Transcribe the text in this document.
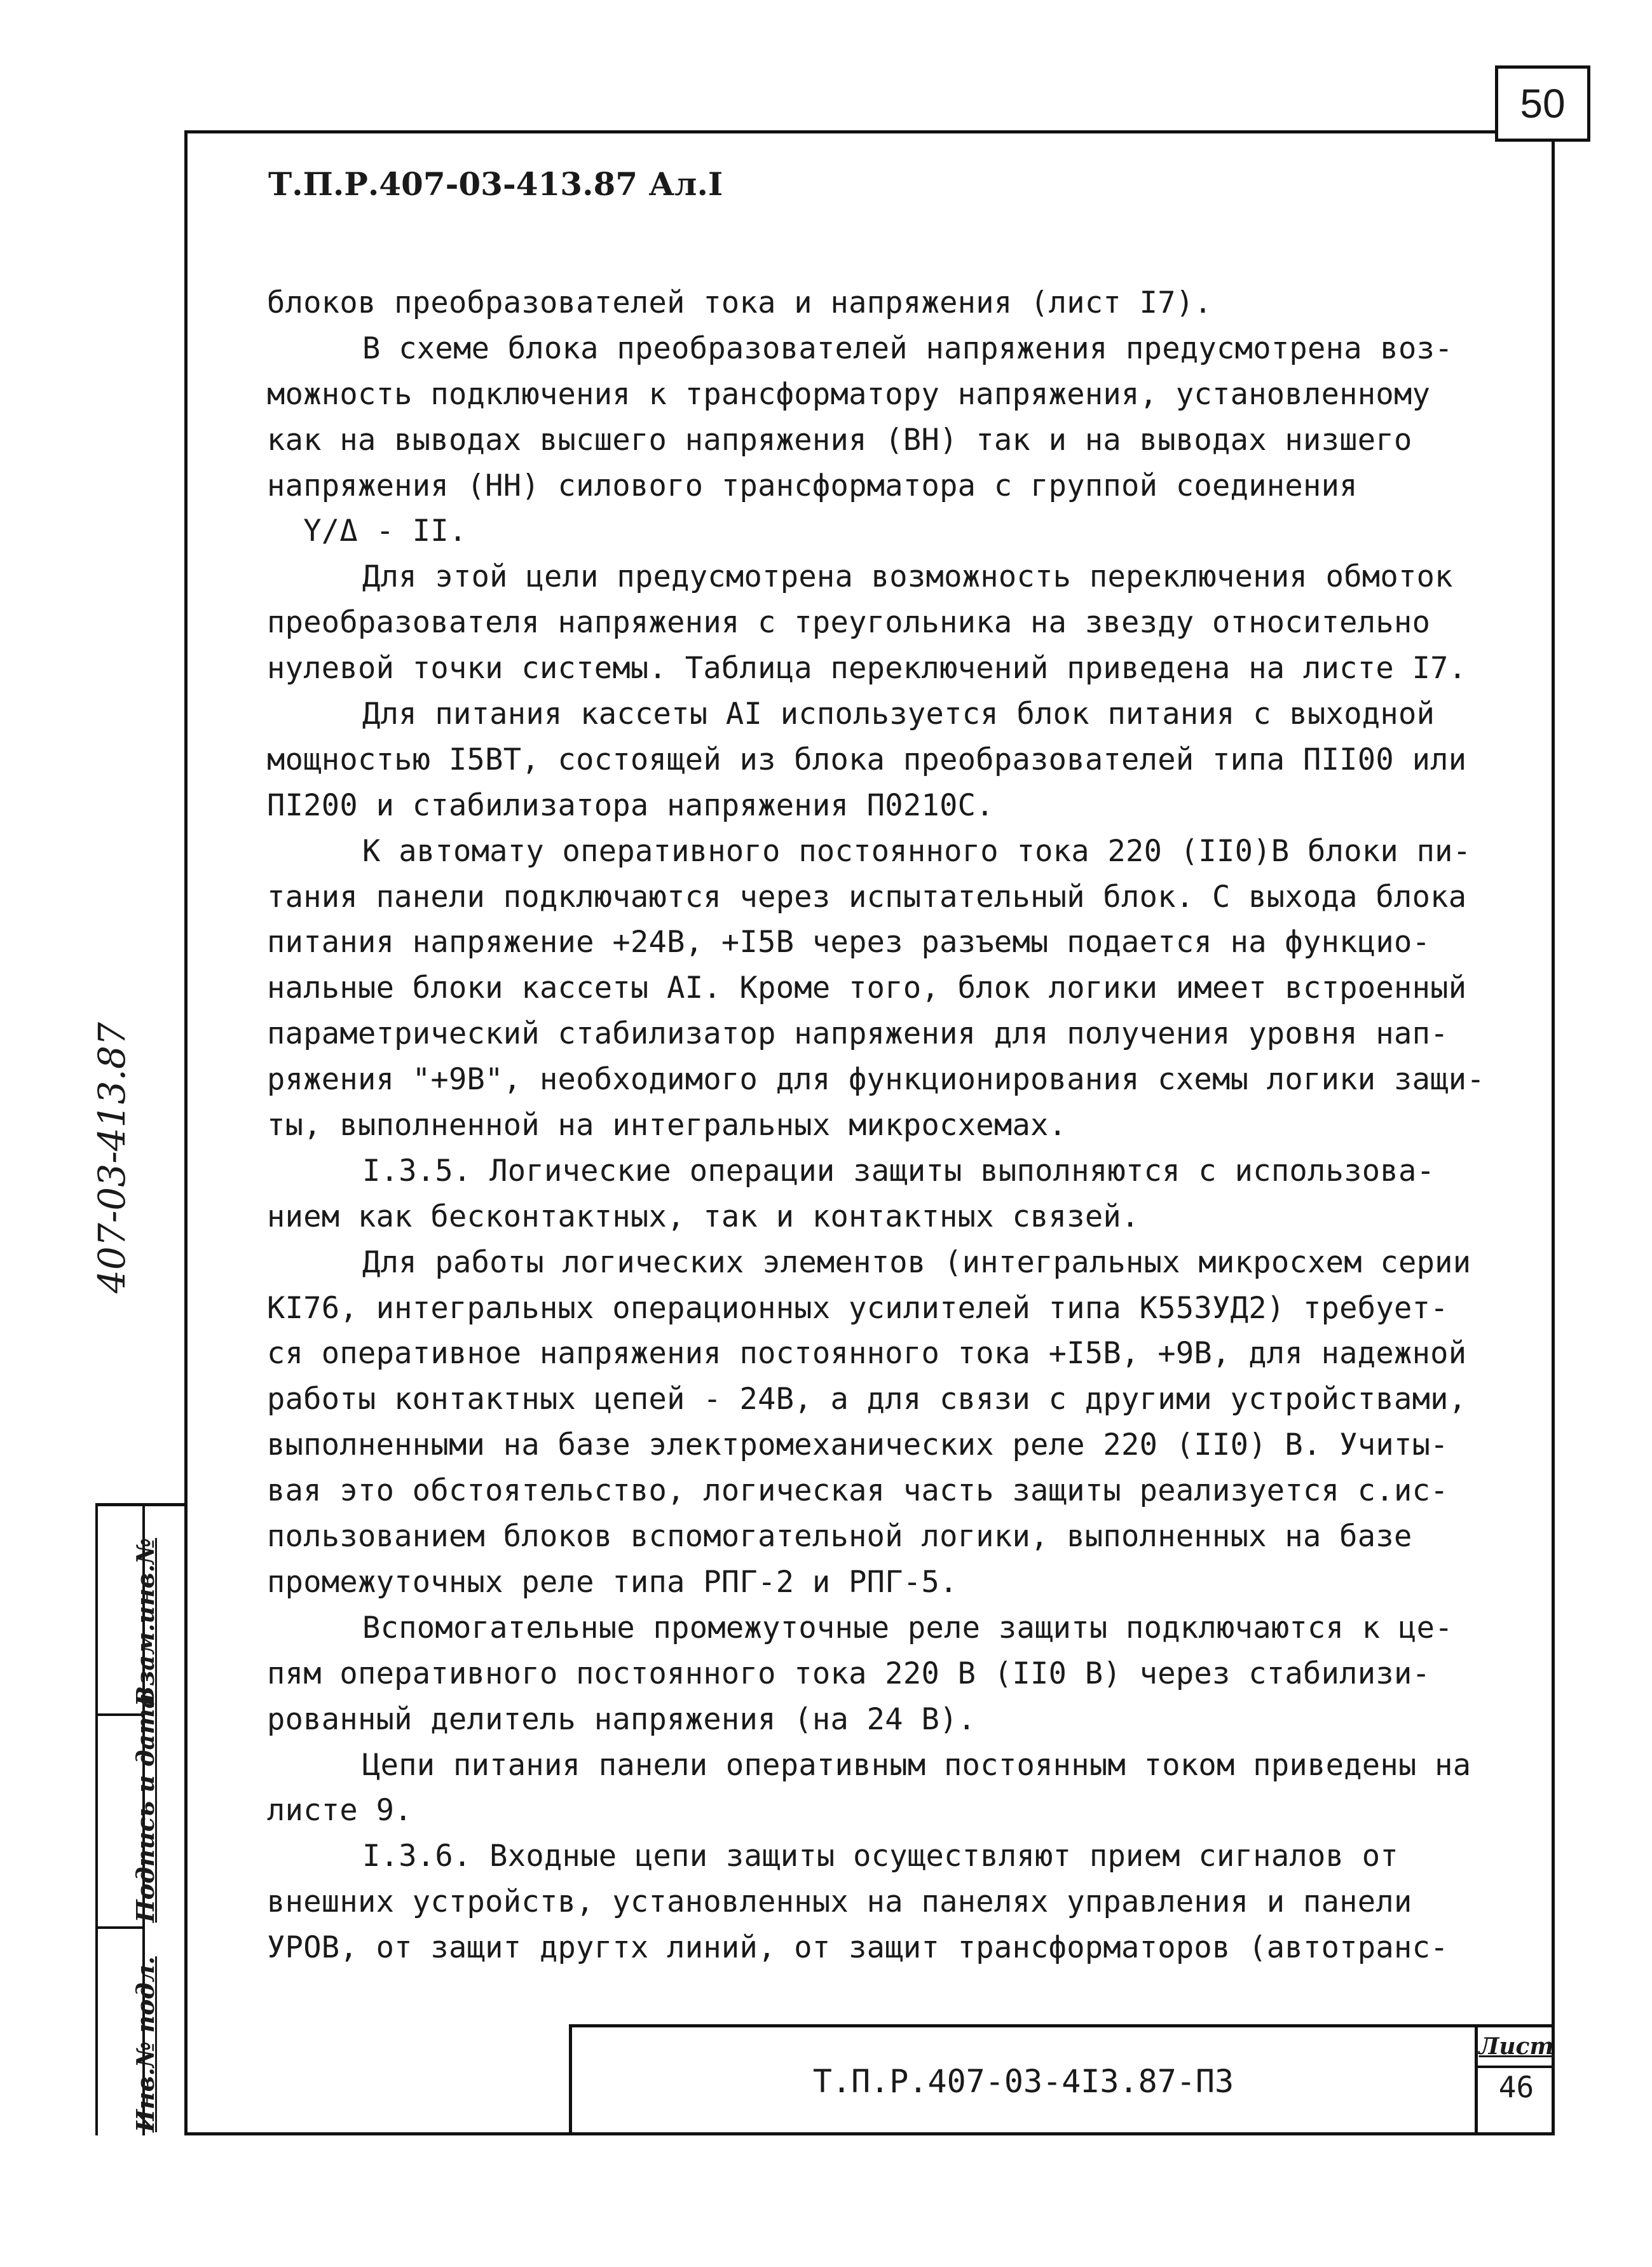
50
Т.П.Р.407-03-413.87 Ал.I
блоков преобразователей тока и напряжения (лист I7).
В схеме блока преобразователей напряжения предусмотрена воз-
можность подключения к трансформатору напряжения, установленному
как на выводах высшего напряжения (ВН) так и на выводах низшего
напряжения (НН) силового трансформатора с группой соединения
Y/Δ - II.
Для этой цели предусмотрена возможность переключения обмоток
преобразователя напряжения с треугольника на звезду относительно
нулевой точки системы. Таблица переключений приведена на листе I7.
Для питания кассеты АI используется блок питания с выходной
мощностью I5ВТ, состоящей из блока преобразователей типа ПII00 или
ПI200 и стабилизатора напряжения П0210С.
К автомату оперативного постоянного тока 220 (II0)В блоки пи-
тания панели подключаются через испытательный блок. С выхода блока
питания напряжение +24В, +I5В через разъемы подается на функцио-
нальные блоки кассеты АI. Кроме того, блок логики имеет встроенный
параметрический стабилизатор напряжения для получения уровня нап-
ряжения "+9В", необходимого для функционирования схемы логики защи-
ты, выполненной на интегральных микросхемах.
I.3.5. Логические операции защиты выполняются с использова-
нием как бесконтактных, так и контактных связей.
Для работы логических элементов (интегральных микросхем серии
КI76, интегральных операционных усилителей типа К553УД2) требует-
ся оперативное напряжения постоянного тока +I5В, +9В, для надежной
работы контактных цепей - 24В, а для связи с другими устройствами,
выполненными на базе электромеханических реле 220 (II0) В. Учиты-
вая это обстоятельство, логическая часть защиты реализуется с.ис-
пользованием блоков вспомогательной логики, выполненных на базе
промежуточных реле типа РПГ-2 и РПГ-5.
Вспомогательные промежуточные реле защиты подключаются к це-
пям оперативного постоянного тока 220 В (II0 В) через стабилизи-
рованный делитель напряжения (на 24 В).
Цепи питания панели оперативным постоянным током приведены на
листе 9.
I.3.6. Входные цепи защиты осуществляют прием сигналов от
внешних устройств, установленных на панелях управления и панели
УРОВ, от защит другтх линий, от защит трансформаторов (автотранс-
407-03-413.87
Взам.инв.№
Подпись и дата
Инв.№ подл.	Т.П.Р.407-03-4I3.87-ПЗ
Лист
46
